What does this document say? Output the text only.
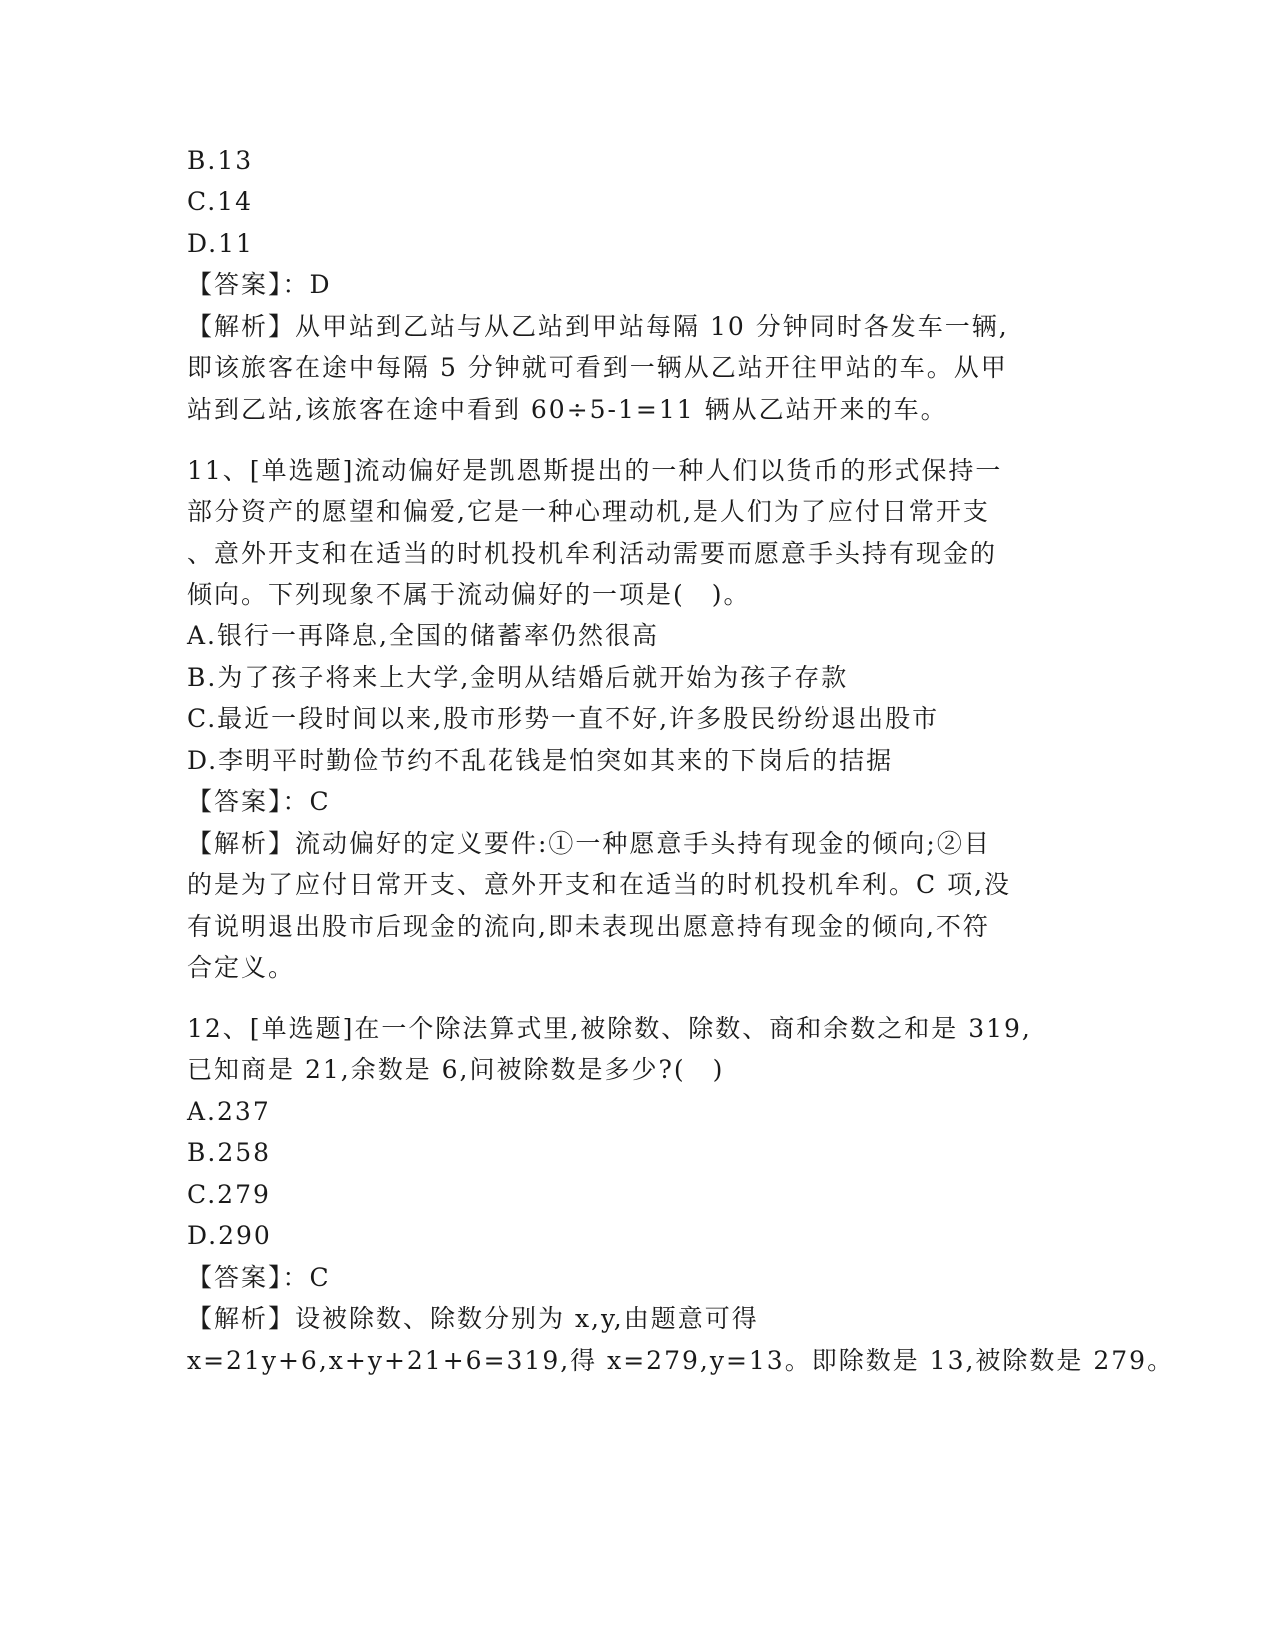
B.13
C.14
D.11
【答案】：D
【解析】从甲站到乙站与从乙站到甲站每隔 10 分钟同时各发车一辆,
即该旅客在途中每隔 5 分钟就可看到一辆从乙站开往甲站的车。从甲
站到乙站,该旅客在途中看到 60÷5-1=11 辆从乙站开来的车。
11、[单选题]流动偏好是凯恩斯提出的一种人们以货币的形式保持一
部分资产的愿望和偏爱,它是一种心理动机,是人们为了应付日常开支
、意外开支和在适当的时机投机牟利活动需要而愿意手头持有现金的
倾向。下列现象不属于流动偏好的一项是(　)。
A.银行一再降息,全国的储蓄率仍然很高
B.为了孩子将来上大学,金明从结婚后就开始为孩子存款
C.最近一段时间以来,股市形势一直不好,许多股民纷纷退出股市
D.李明平时勤俭节约不乱花钱是怕突如其来的下岗后的拮据
【答案】：C
【解析】流动偏好的定义要件:①一种愿意手头持有现金的倾向;②目
的是为了应付日常开支、意外开支和在适当的时机投机牟利。C 项,没
有说明退出股市后现金的流向,即未表现出愿意持有现金的倾向,不符
合定义。
12、[单选题]在一个除法算式里,被除数、除数、商和余数之和是 319,
已知商是 21,余数是 6,问被除数是多少?(　)
A.237
B.258
C.279
D.290
【答案】：C
【解析】设被除数、除数分别为 x,y,由题意可得
x=21y+6,x+y+21+6=319,得 x=279,y=13。即除数是 13,被除数是 279。
